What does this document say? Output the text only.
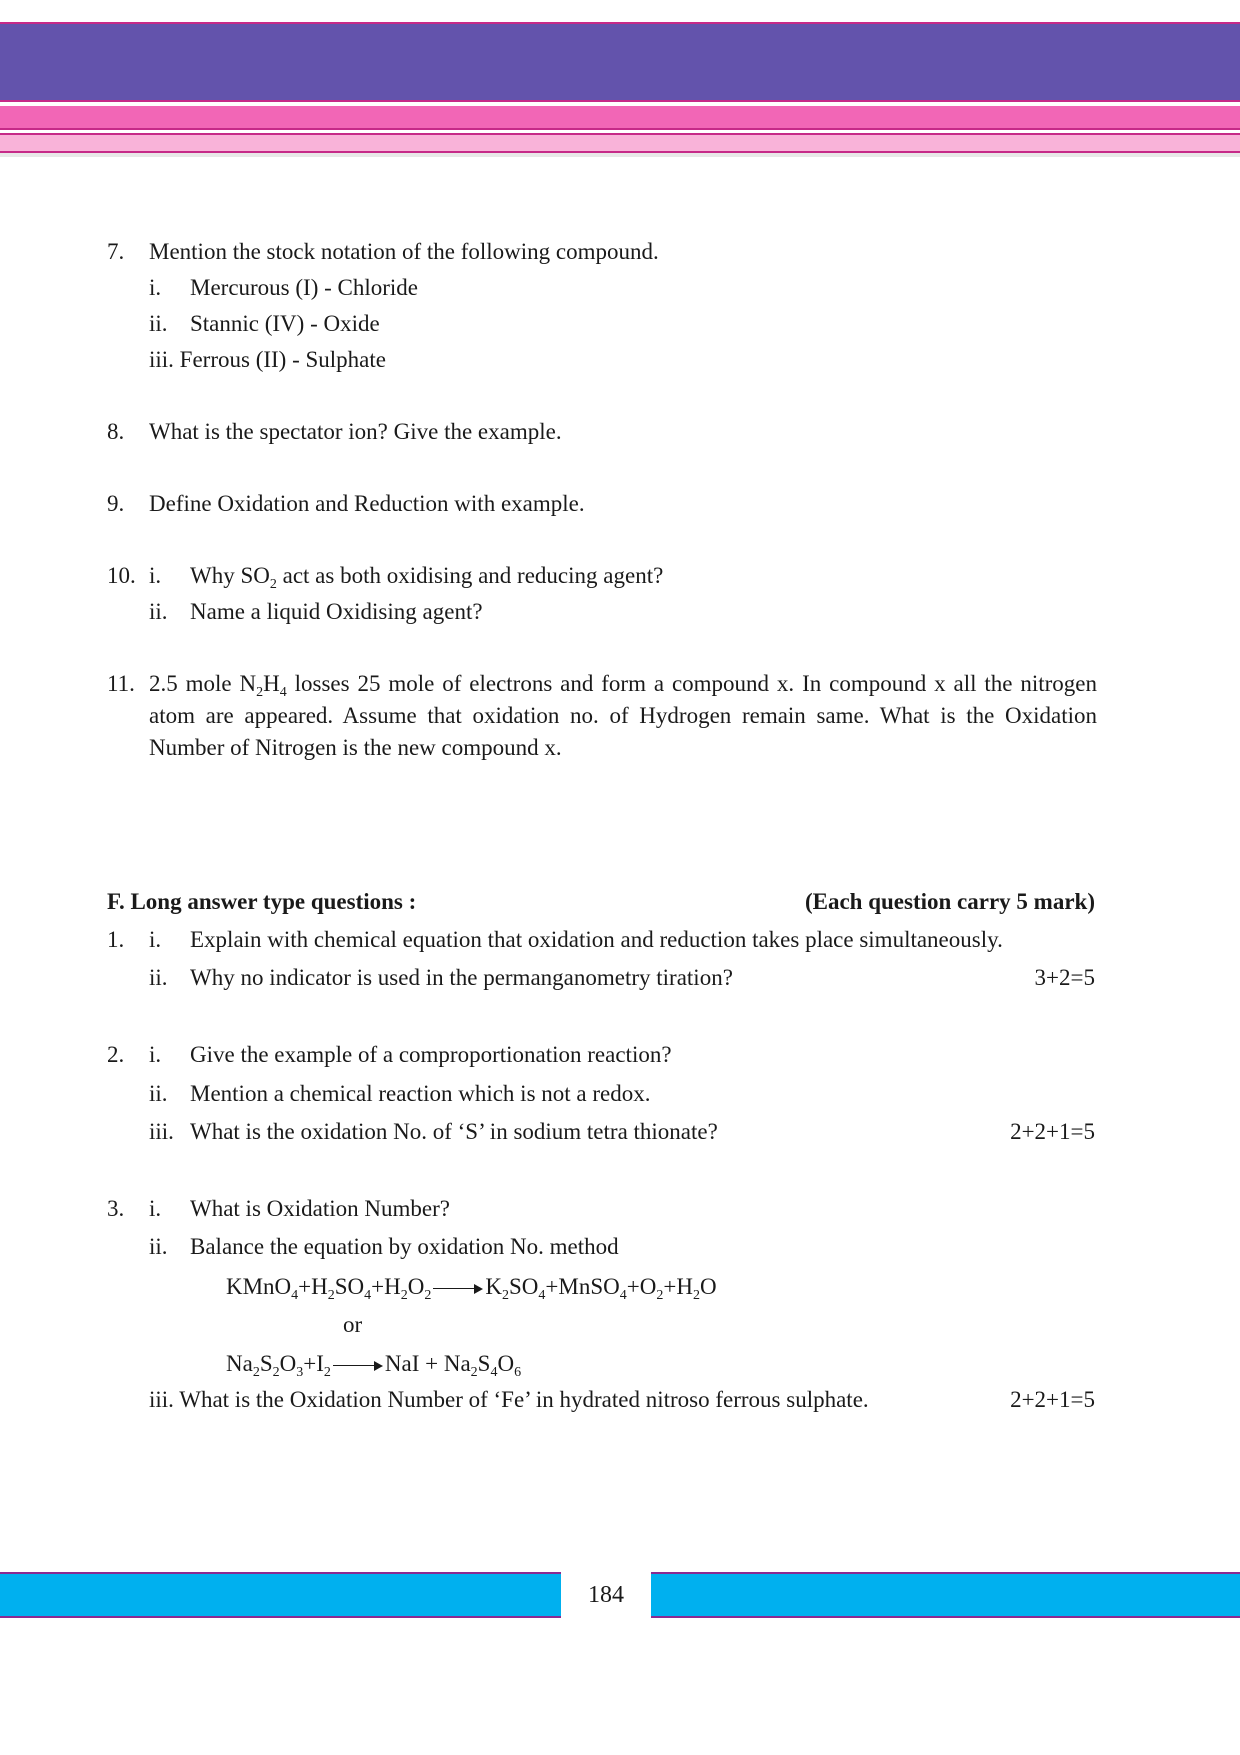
7. Mention the stock notation of the following compound.
i. Mercurous (I) - Chloride
ii. Stannic (IV) - Oxide
iii. Ferrous (II) - Sulphate
8. What is the spectator ion? Give the example.
9. Define Oxidation and Reduction with example.
10. i. Why $SO_2$ act as both oxidising and reducing agent?
ii. Name a liquid Oxidising agent?
11. 2.5 mole $N_2H_4$ losses 25 mole of electrons and form a compound x. In compound x all the nitrogen atom are appeared. Assume that oxidation no. of Hydrogen remain same. What is the Oxidation Number of Nitrogen is the new compound x.
F. Long answer type questions :	(Each question carry 5 mark)
1. i. Explain with chemical equation that oxidation and reduction takes place simultaneously.
ii. Why no indicator is used in the permanganometry tiration?	3+2=5
2. i. Give the example of a comproportionation reaction?
ii. Mention a chemical reaction which is not a redox.
iii. What is the oxidation No. of ‘S’ in sodium tetra thionate?	2+2+1=5
3. i. What is Oxidation Number?
ii. Balance the equation by oxidation No. method
$KMnO_4+H_2SO_4+H_2O_2$ $K_2SO_4+MnSO_4+O_2+H_2O$
or
$Na_2S_2O_3+I_2$ NaI + $Na_2S_4O_6$
iii. What is the Oxidation Number of ‘Fe’ in hydrated nitroso ferrous sulphate.	2+2+1=5
184
